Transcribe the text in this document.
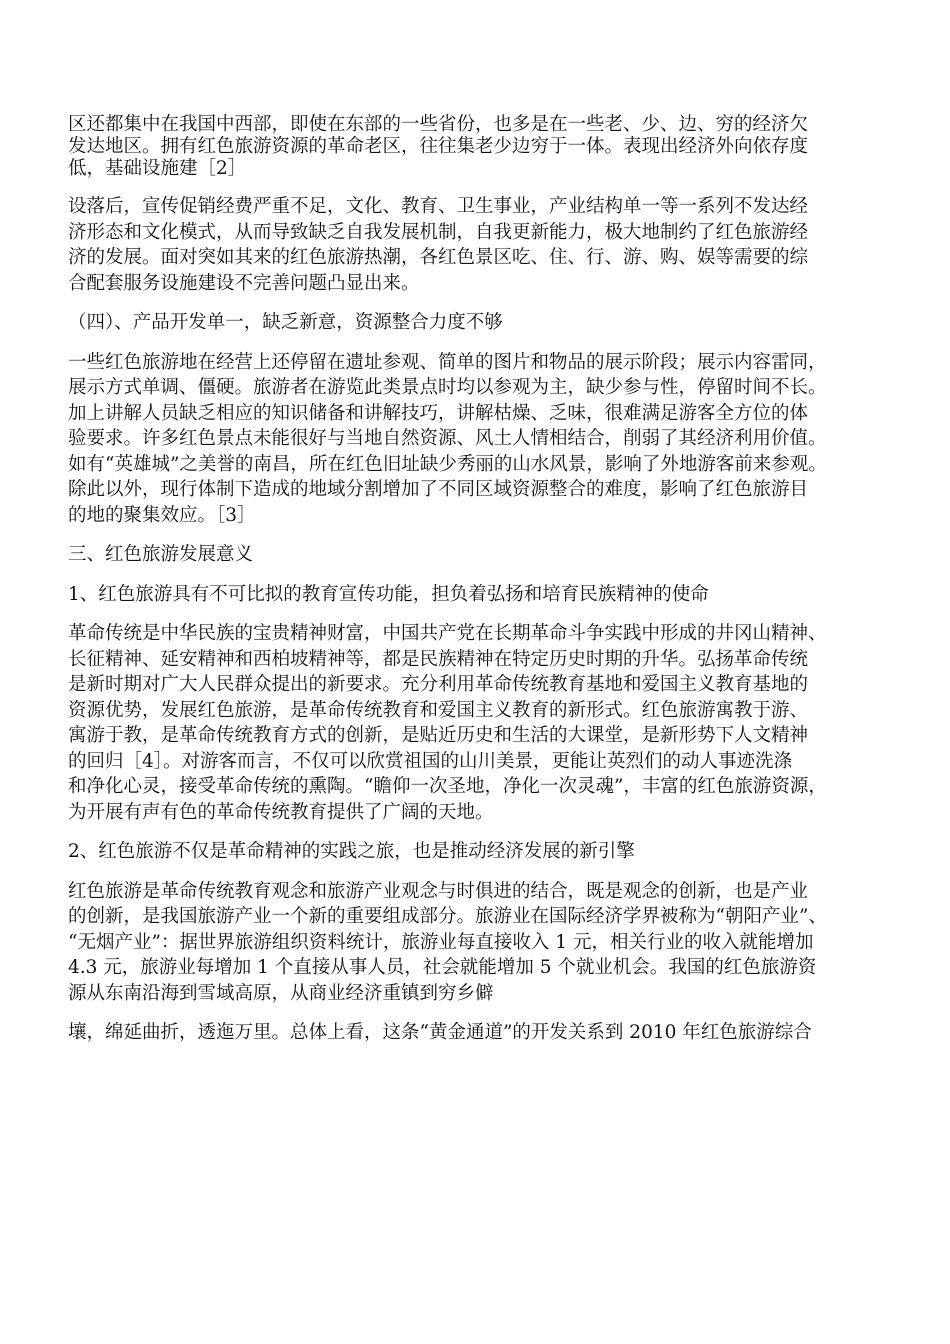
区还都集中在我国中西部，即使在东部的一些省份，也多是在一些老、少、边、穷的经济欠
发达地区。拥有红色旅游资源的革命老区，往往集老少边穷于一体。表现出经济外向依存度
低，基础设施建［2］
设落后，宣传促销经费严重不足，文化、教育、卫生事业，产业结构单一等一系列不发达经
济形态和文化模式，从而导致缺乏自我发展机制，自我更新能力，极大地制约了红色旅游经
济的发展。面对突如其来的红色旅游热潮，各红色景区吃、住、行、游、购、娱等需要的综
合配套服务设施建设不完善问题凸显出来。
（四）、产品开发单一，缺乏新意，资源整合力度不够
一些红色旅游地在经营上还停留在遗址参观、简单的图片和物品的展示阶段；展示内容雷同，
展示方式单调、僵硬。旅游者在游览此类景点时均以参观为主，缺少参与性，停留时间不长。
加上讲解人员缺乏相应的知识储备和讲解技巧，讲解枯燥、乏味，很难满足游客全方位的体
验要求。许多红色景点未能很好与当地自然资源、风土人情相结合，削弱了其经济利用价值。
如有“英雄城”之美誉的南昌，所在红色旧址缺少秀丽的山水风景，影响了外地游客前来参观。
除此以外，现行体制下造成的地域分割增加了不同区域资源整合的难度，影响了红色旅游目
的地的聚集效应。［3］
三、红色旅游发展意义
1、红色旅游具有不可比拟的教育宣传功能，担负着弘扬和培育民族精神的使命
革命传统是中华民族的宝贵精神财富，中国共产党在长期革命斗争实践中形成的井冈山精神、
长征精神、延安精神和西柏坡精神等，都是民族精神在特定历史时期的升华。弘扬革命传统
是新时期对广大人民群众提出的新要求。充分利用革命传统教育基地和爱国主义教育基地的
资源优势，发展红色旅游，是革命传统教育和爱国主义教育的新形式。红色旅游寓教于游、
寓游于教，是革命传统教育方式的创新，是贴近历史和生活的大课堂，是新形势下人文精神
的回归［4］。对游客而言，不仅可以欣赏祖国的山川美景，更能让英烈们的动人事迹洗涤
和净化心灵，接受革命传统的熏陶。“瞻仰一次圣地，净化一次灵魂”，丰富的红色旅游资源，
为开展有声有色的革命传统教育提供了广阔的天地。
2、红色旅游不仅是革命精神的实践之旅，也是推动经济发展的新引擎
红色旅游是革命传统教育观念和旅游产业观念与时俱进的结合，既是观念的创新，也是产业
的创新，是我国旅游产业一个新的重要组成部分。旅游业在国际经济学界被称为“朝阳产业”、
“无烟产业”：据世界旅游组织资料统计，旅游业每直接收入 1 元，相关行业的收入就能增加
4.3 元，旅游业每增加 1 个直接从事人员，社会就能增加 5 个就业机会。我国的红色旅游资
源从东南沿海到雪域高原，从商业经济重镇到穷乡僻
壤，绵延曲折，透迤万里。总体上看，这条“黄金通道”的开发关系到 2010 年红色旅游综合
